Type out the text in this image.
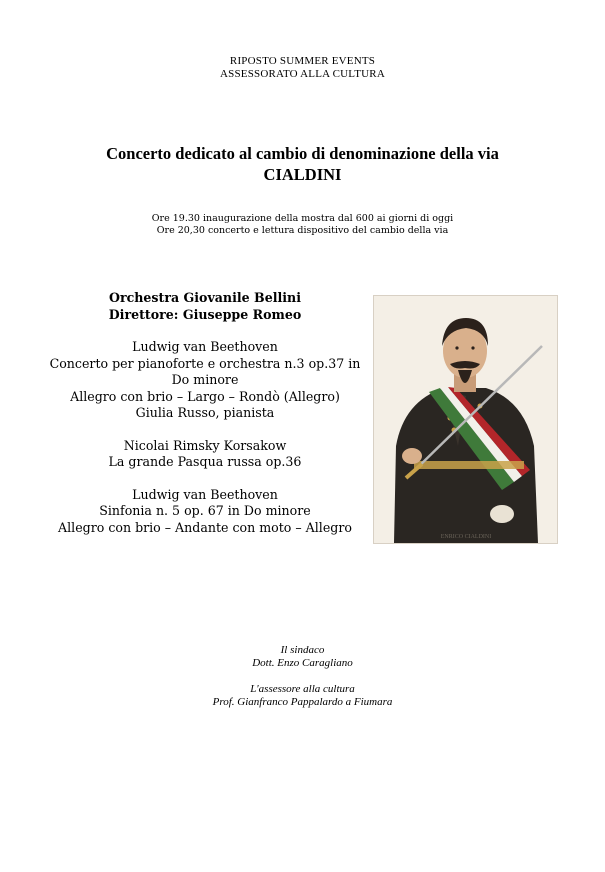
RIPOSTO SUMMER EVENTS
ASSESSORATO ALLA CULTURA
Concerto dedicato al cambio di denominazione della via
CIALDINI
Ore 19.30 inaugurazione della mostra dal 600 ai giorni di oggi
Ore 20,30 concerto e lettura dispositivo del cambio della via
Orchestra Giovanile Bellini
Direttore: Giuseppe Romeo
Ludwig van Beethoven
Concerto per pianoforte e orchestra n.3 op.37 in
Do minore
Allegro con brio – Largo – Rondò (Allegro)
Giulia Russo, pianista
Nicolai Rimsky Korsakow
La grande Pasqua russa op.36
Ludwig van Beethoven
Sinfonia n. 5 op. 67 in Do minore
Allegro con brio – Andante con moto – Allegro
ENRICO CIALDINI
Il sindaco
Dott. Enzo Caragliano
L'assessore alla cultura
Prof. Gianfranco Pappalardo a Fiumara
